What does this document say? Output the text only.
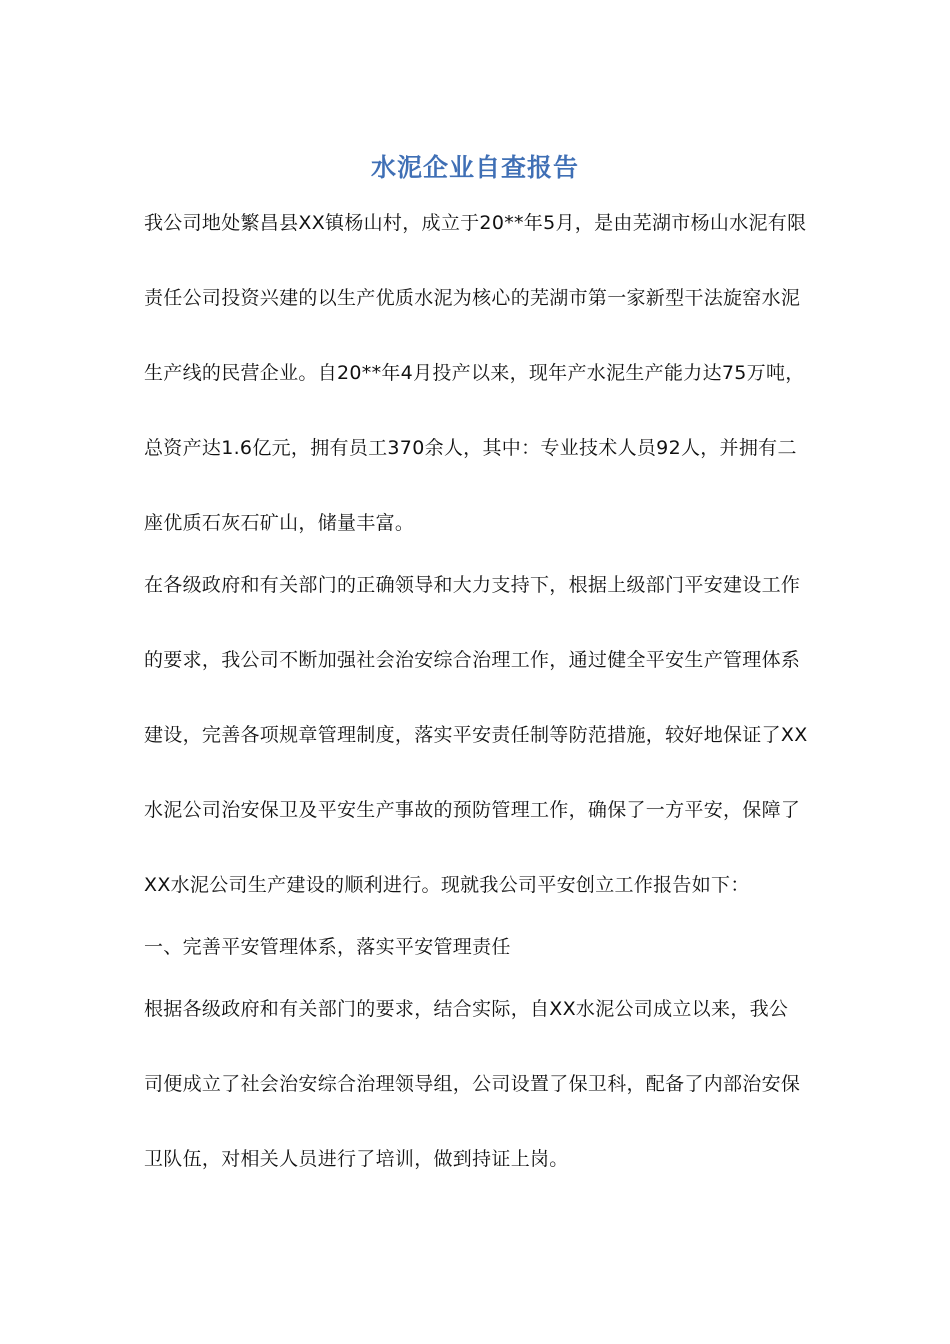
水泥企业自查报告
我公司地处繁昌县XX镇杨山村，成立于20**年5月，是由芜湖市杨山水泥有限
责任公司投资兴建的以生产优质水泥为核心的芜湖市第一家新型干法旋窑水泥
生产线的民营企业。自20**年4月投产以来，现年产水泥生产能力达75万吨，
总资产达1.6亿元，拥有员工370余人，其中：专业技术人员92人，并拥有二
座优质石灰石矿山，储量丰富。
在各级政府和有关部门的正确领导和大力支持下，根据上级部门平安建设工作
的要求，我公司不断加强社会治安综合治理工作，通过健全平安生产管理体系
建设，完善各项规章管理制度，落实平安责任制等防范措施，较好地保证了XX
水泥公司治安保卫及平安生产事故的预防管理工作，确保了一方平安，保障了
XX水泥公司生产建设的顺利进行。现就我公司平安创立工作报告如下：
一、完善平安管理体系，落实平安管理责任
根据各级政府和有关部门的要求，结合实际，自XX水泥公司成立以来，我公
司便成立了社会治安综合治理领导组，公司设置了保卫科，配备了内部治安保
卫队伍，对相关人员进行了培训，做到持证上岗。
